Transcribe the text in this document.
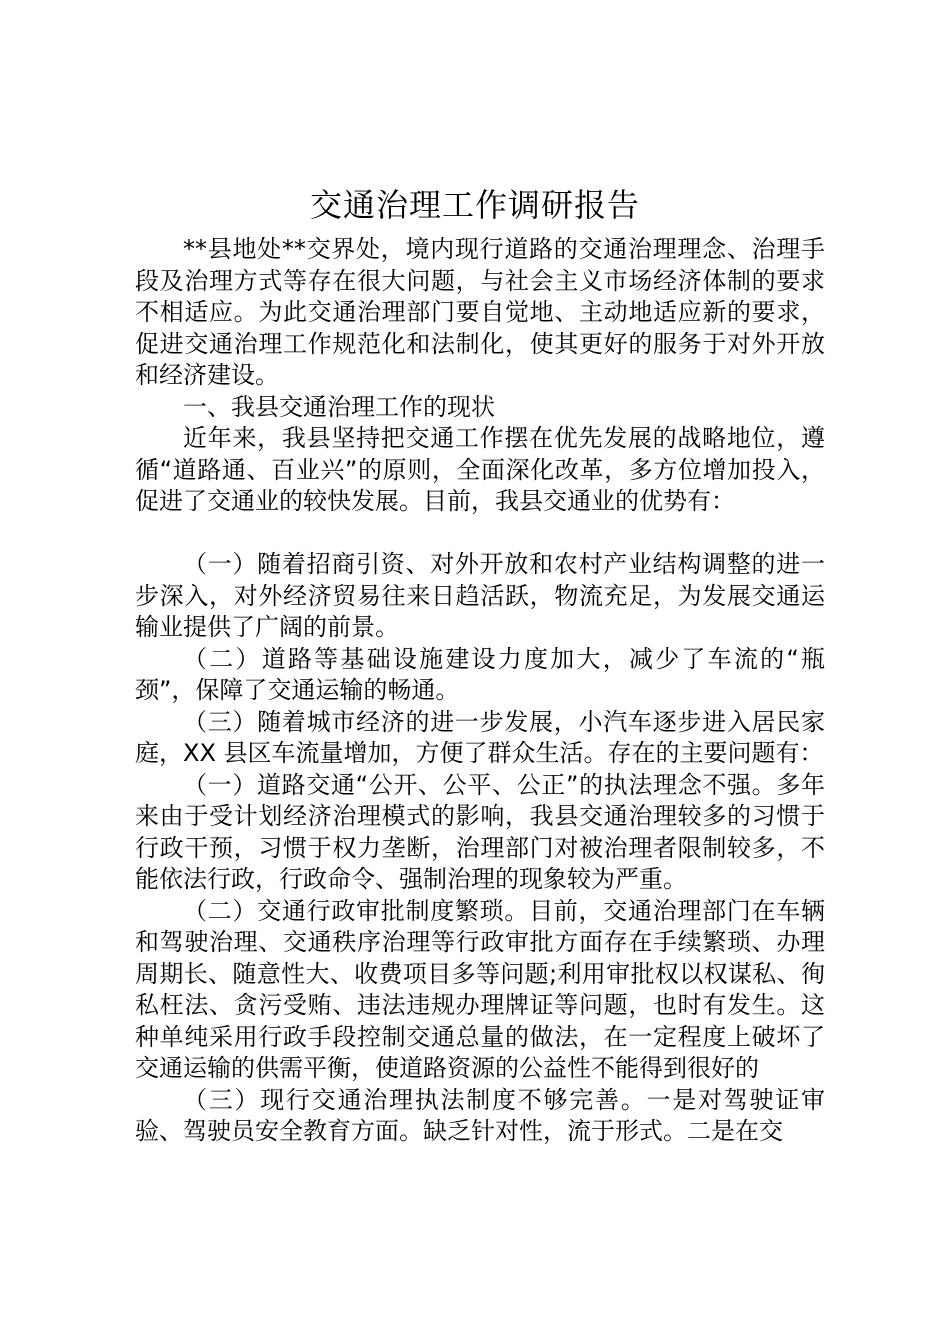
交通治理工作调研报告

**县地处**交界处，境内现行道路的交通治理理念、治理手段及治理方式等存在很大问题，与社会主义市场经济体制的要求不相适应。为此交通治理部门要自觉地、主动地适应新的要求，促进交通治理工作规范化和法制化，使其更好的服务于对外开放和经济建设。

一、我县交通治理工作的现状

近年来，我县坚持把交通工作摆在优先发展的战略地位，遵循“道路通、百业兴”的原则，全面深化改革，多方位增加投入，促进了交通业的较快发展。目前，我县交通业的优势有：

（一）随着招商引资、对外开放和农村产业结构调整的进一步深入，对外经济贸易往来日趋活跃，物流充足，为发展交通运输业提供了广阔的前景。

（二）道路等基础设施建设力度加大，减少了车流的“瓶颈”，保障了交通运输的畅通。

（三）随着城市经济的进一步发展，小汽车逐步进入居民家庭，XX 县区车流量增加，方便了群众生活。存在的主要问题有：

（一）道路交通“公开、公平、公正”的执法理念不强。多年来由于受计划经济治理模式的影响，我县交通治理较多的习惯于行政干预，习惯于权力垄断，治理部门对被治理者限制较多，不能依法行政，行政命令、强制治理的现象较为严重。

（二）交通行政审批制度繁琐。目前，交通治理部门在车辆和驾驶治理、交通秩序治理等行政审批方面存在手续繁琐、办理周期长、随意性大、收费项目多等问题;利用审批权以权谋私、徇私枉法、贪污受贿、违法违规办理牌证等问题，也时有发生。这种单纯采用行政手段控制交通总量的做法，在一定程度上破坏了交通运输的供需平衡，使道路资源的公益性不能得到很好的

（三）现行交通治理执法制度不够完善。一是对驾驶证审验、驾驶员安全教育方面。缺乏针对性，流于形式。二是在交
